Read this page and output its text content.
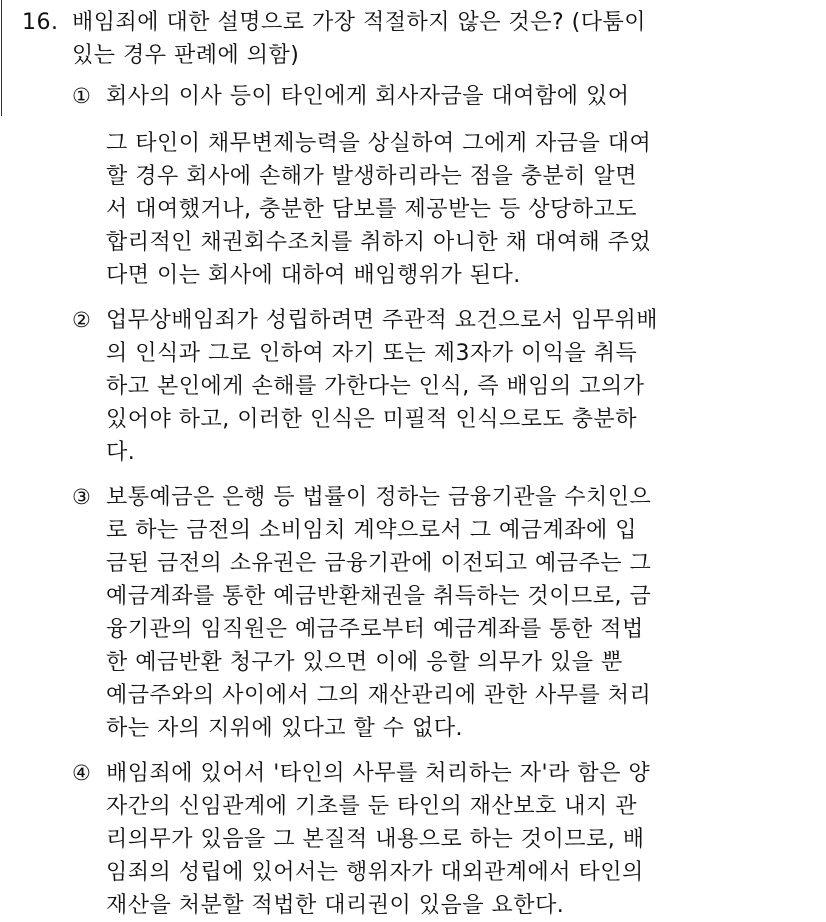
16. 배임죄에 대한 설명으로 가장 적절하지 않은 것은? (다툼이
있는 경우 판례에 의함)
① 회사의 이사 등이 타인에게 회사자금을 대여함에 있어
그 타인이 채무변제능력을 상실하여 그에게 자금을 대여
할 경우 회사에 손해가 발생하리라는 점을 충분히 알면
서 대여했거나, 충분한 담보를 제공받는 등 상당하고도
합리적인 채권회수조치를 취하지 아니한 채 대여해 주었
다면 이는 회사에 대하여 배임행위가 된다.
② 업무상배임죄가 성립하려면 주관적 요건으로서 임무위배
의 인식과 그로 인하여 자기 또는 제3자가 이익을 취득
하고 본인에게 손해를 가한다는 인식, 즉 배임의 고의가
있어야 하고, 이러한 인식은 미필적 인식으로도 충분하
다.
③ 보통예금은 은행 등 법률이 정하는 금융기관을 수치인으
로 하는 금전의 소비임치 계약으로서 그 예금계좌에 입
금된 금전의 소유권은 금융기관에 이전되고 예금주는 그
예금계좌를 통한 예금반환채권을 취득하는 것이므로, 금
융기관의 임직원은 예금주로부터 예금계좌를 통한 적법
한 예금반환 청구가 있으면 이에 응할 의무가 있을 뿐
예금주와의 사이에서 그의 재산관리에 관한 사무를 처리
하는 자의 지위에 있다고 할 수 없다.
④ 배임죄에 있어서 '타인의 사무를 처리하는 자'라 함은 양
자간의 신임관계에 기초를 둔 타인의 재산보호 내지 관
리의무가 있음을 그 본질적 내용으로 하는 것이므로, 배
임죄의 성립에 있어서는 행위자가 대외관계에서 타인의
재산을 처분할 적법한 대리권이 있음을 요한다.
